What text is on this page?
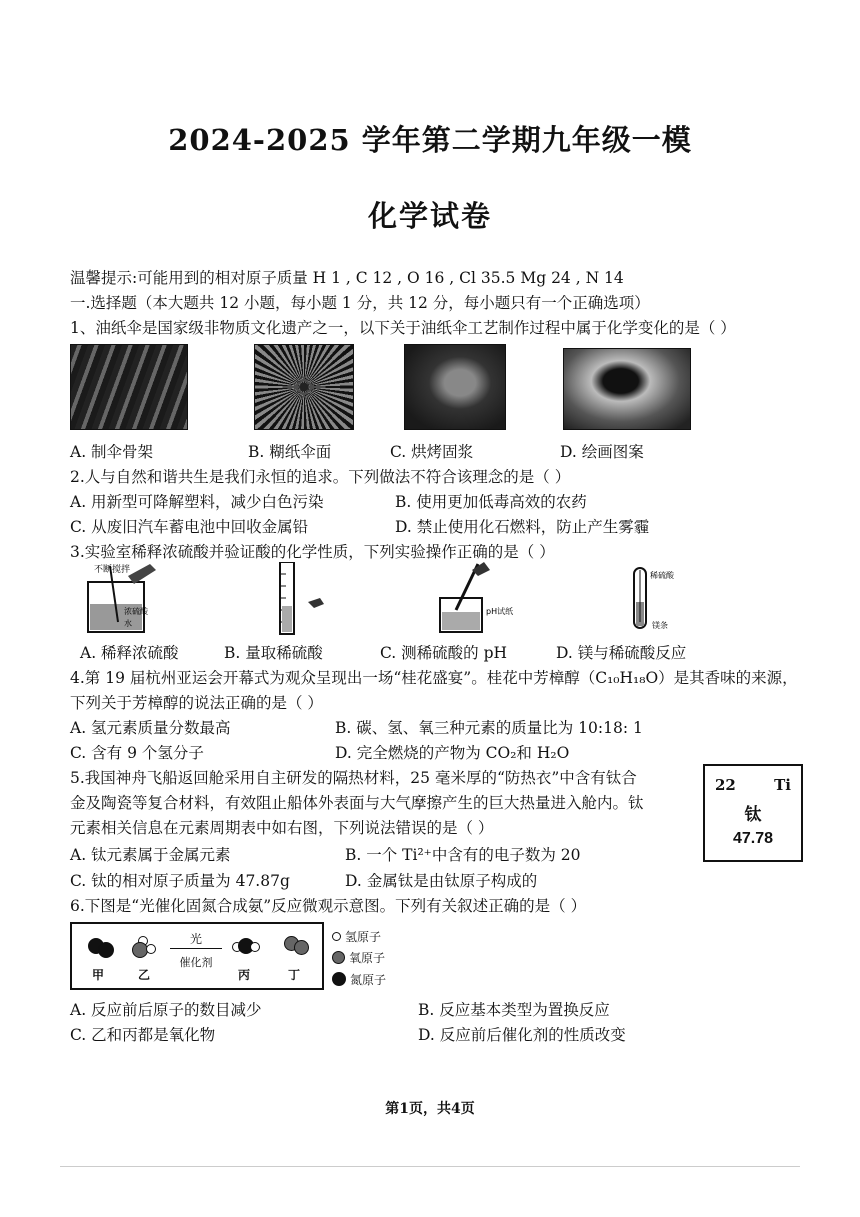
2024-2025 学年第二学期九年级一模
化学试卷
温馨提示:可能用到的相对原子质量 H 1 , C 12 , O 16 , Cl 35.5 Mg 24 , N 14
一.选择题（本大题共 12 小题，每小题 1 分，共 12 分，每小题只有一个正确选项）
1、油纸伞是国家级非物质文化遗产之一，以下关于油纸伞工艺制作过程中属于化学变化的是（ ）
A. 制伞骨架	B. 糊纸伞面	C. 烘烤固浆	D. 绘画图案
2.人与自然和谐共生是我们永恒的追求。下列做法不符合该理念的是（ ）
A. 用新型可降解塑料，减少白色污染	B. 使用更加低毒高效的农药
C. 从废旧汽车蓄电池中回收金属铅	D. 禁止使用化石燃料，防止产生雾霾
3.实验室稀释浓硫酸并验证酸的化学性质，下列实验操作正确的是（ ）
不断搅拌
浓硫酸
水
pH试纸
稀硫酸
镁条
A. 稀释浓硫酸	B. 量取稀硫酸	C. 测稀硫酸的 pH	D. 镁与稀硫酸反应
4.第 19 届杭州亚运会开幕式为观众呈现出一场“桂花盛宴”。桂花中芳樟醇（C₁₀H₁₈O）是其香味的来源，
下列关于芳樟醇的说法正确的是（ ）
A. 氢元素质量分数最高	B. 碳、氢、氧三种元素的质量比为 10:18: 1
C. 含有 9 个氢分子	D. 完全燃烧的产物为 CO₂和 H₂O
5.我国神舟飞船返回舱采用自主研发的隔热材料，25 毫米厚的“防热衣”中含有钛合
金及陶瓷等复合材料，有效阻止船体外表面与大气摩擦产生的巨大热量进入舱内。钛
元素相关信息在元素周期表中如右图，下列说法错误的是（ ）
A. 钛元素属于金属元素	B. 一个 Ti²⁺中含有的电子数为 20
C. 钛的相对原子质量为 47.87g	D. 金属钛是由钛原子构成的
22	Ti
钛
47.78
6.下图是“光催化固氮合成氨”反应微观示意图。下列有关叙述正确的是（ ）
光
催化剂
甲	乙	丙	丁
氢原子
氧原子
氮原子
A. 反应前后原子的数目减少	B. 反应基本类型为置换反应
C. 乙和丙都是氧化物	D. 反应前后催化剂的性质改变
第1页，共4页
